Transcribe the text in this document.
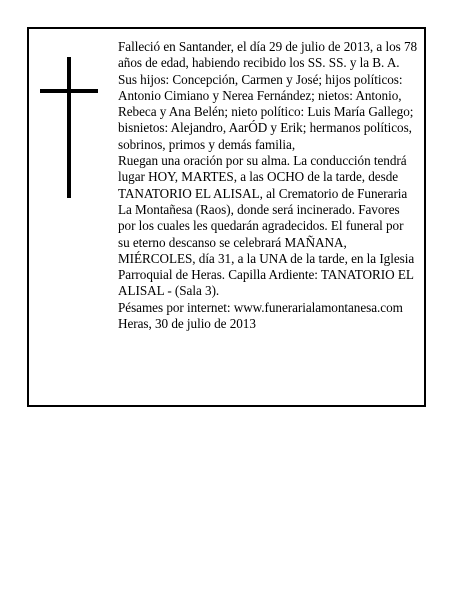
Falleció en Santander, el día 29 de julio de 2013, a los 78 años de edad, habiendo recibido los SS. SS. y la B. A.

Sus hijos: Concepción, Carmen y José; hijos políticos: Antonio Cimiano y Nerea Fernández; nietos: Antonio, Rebeca y Ana Belén; nieto político: Luis María Gallego; bisnietos: Alejandro, AarÓD y Erik; hermanos políticos, sobrinos, primos y demás familia,

Ruegan una oración por su alma. La conducción tendrá lugar HOY, MARTES, a las OCHO de la tarde, desde TANATORIO EL ALISAL, al Crematorio de Funeraria La Montañesa (Raos), donde será incinerado. Favores por los cuales les quedarán agradecidos. El funeral por su eterno descanso se celebrará MAÑANA, MIÉRCOLES, día 31, a la UNA de la tarde, en la Iglesia Parroquial de Heras. Capilla Ardiente: TANATORIO EL ALISAL - (Sala 3).

Pésames por internet: www.funerarialamontanesa.com

Heras, 30 de julio de 2013
